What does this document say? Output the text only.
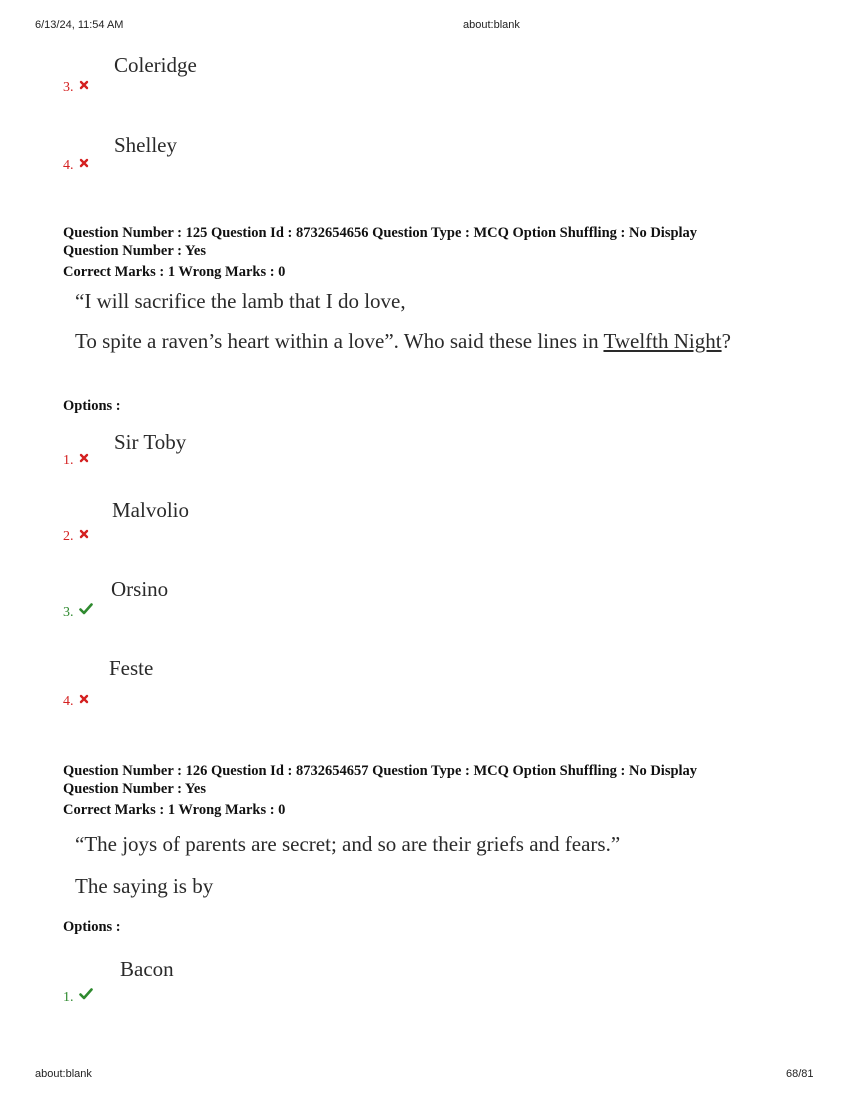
6/13/24, 11:54 AM	about:blank
Coleridge
3.
Shelley
4.
Question Number : 125 Question Id : 8732654656 Question Type : MCQ Option Shuffling : No Display
Question Number : Yes
Correct Marks : 1 Wrong Marks : 0
“I will sacrifice the lamb that I do love,
To spite a raven’s heart within a love”. Who said these lines in Twelfth Night?
Options :
Sir Toby
1.
Malvolio
2.
Orsino
3.
Feste
4.
Question Number : 126 Question Id : 8732654657 Question Type : MCQ Option Shuffling : No Display
Question Number : Yes
Correct Marks : 1 Wrong Marks : 0
“The joys of parents are secret; and so are their griefs and fears.”
The saying is by
Options :
Bacon
1.
about:blank	68/81
